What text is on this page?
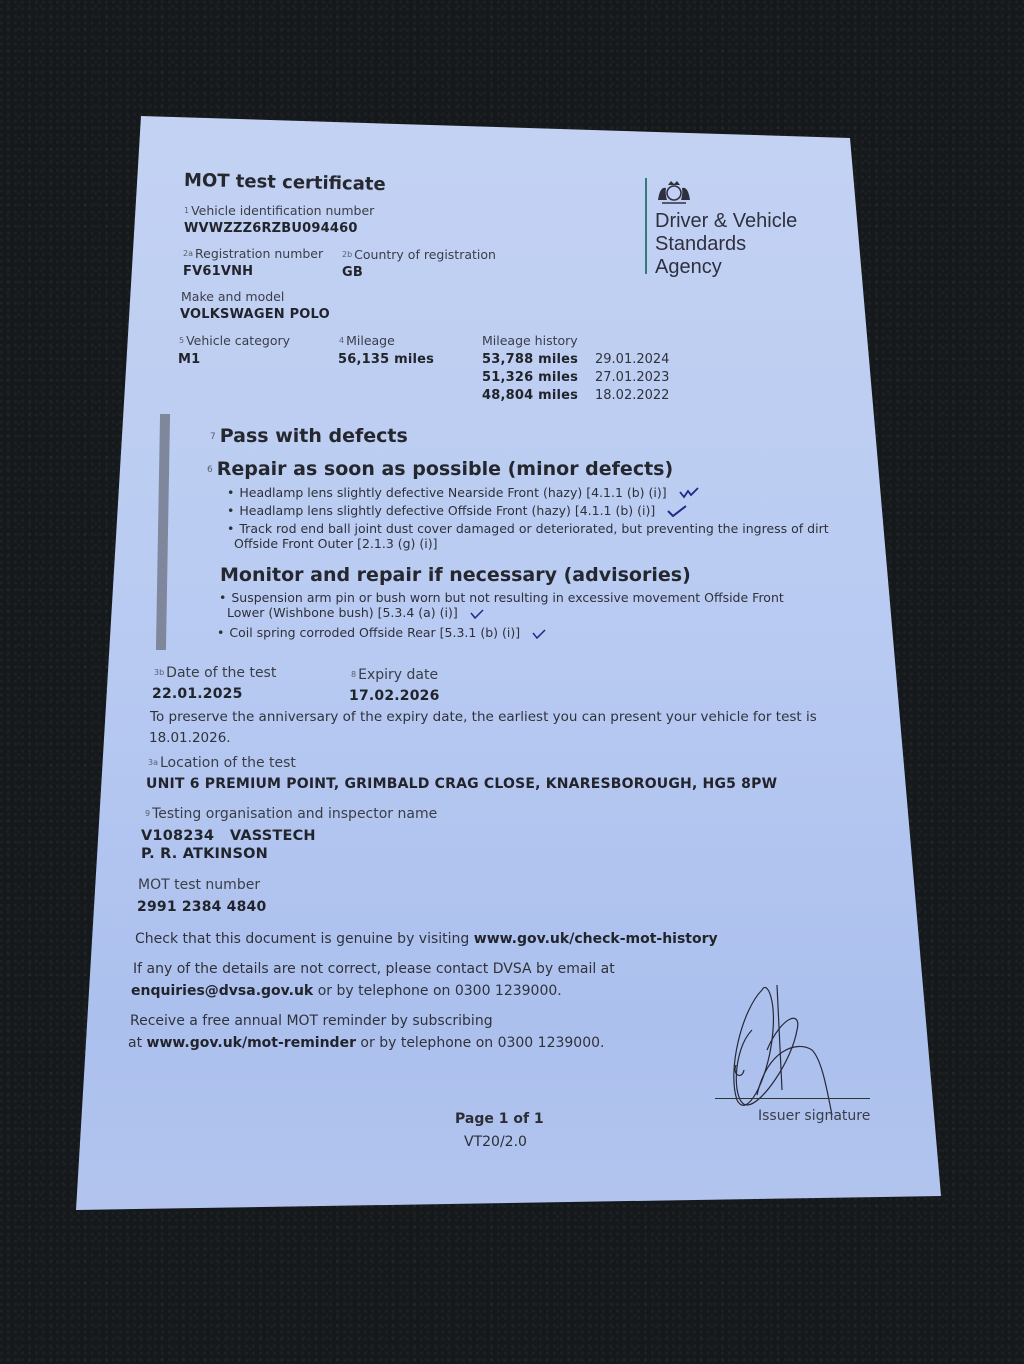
MOT test certificate
Driver & Vehicle
Standards
Agency
1 Vehicle identification number
WVWZZZ6RZBU094460
2a Registration number
FV61VNH
2b Country of registration
GB
Make and model
VOLKSWAGEN POLO
5 Vehicle category
M1
4 Mileage
56,135 miles
Mileage history
53,788 miles 29.01.2024
51,326 miles 27.01.2023
48,804 miles 18.02.2022
7 Pass with defects
6 Repair as soon as possible (minor defects)
• Headlamp lens slightly defective Nearside Front (hazy) [4.1.1 (b) (i)]
• Headlamp lens slightly defective Offside Front (hazy) [4.1.1 (b) (i)]
• Track rod end ball joint dust cover damaged or deteriorated, but preventing the ingress of dirt
Offside Front Outer [2.1.3 (g) (i)]
Monitor and repair if necessary (advisories)
• Suspension arm pin or bush worn but not resulting in excessive movement Offside Front
Lower (Wishbone bush) [5.3.4 (a) (i)]
• Coil spring corroded Offside Rear [5.3.1 (b) (i)]
3b Date of the test
22.01.2025
8 Expiry date
17.02.2026
To preserve the anniversary of the expiry date, the earliest you can present your vehicle for test is
18.01.2026.
3a Location of the test
UNIT 6 PREMIUM POINT, GRIMBALD CRAG CLOSE, KNARESBOROUGH, HG5 8PW
9 Testing organisation and inspector name
V108234   VASSTECH
P. R. ATKINSON
MOT test number
2991 2384 4840
Check that this document is genuine by visiting www.gov.uk/check-mot-history
If any of the details are not correct, please contact DVSA by email at
enquiries@dvsa.gov.uk or by telephone on 0300 1239000.
Receive a free annual MOT reminder by subscribing
at www.gov.uk/mot-reminder or by telephone on 0300 1239000.
Issuer signature
Page 1 of 1
VT20/2.0
